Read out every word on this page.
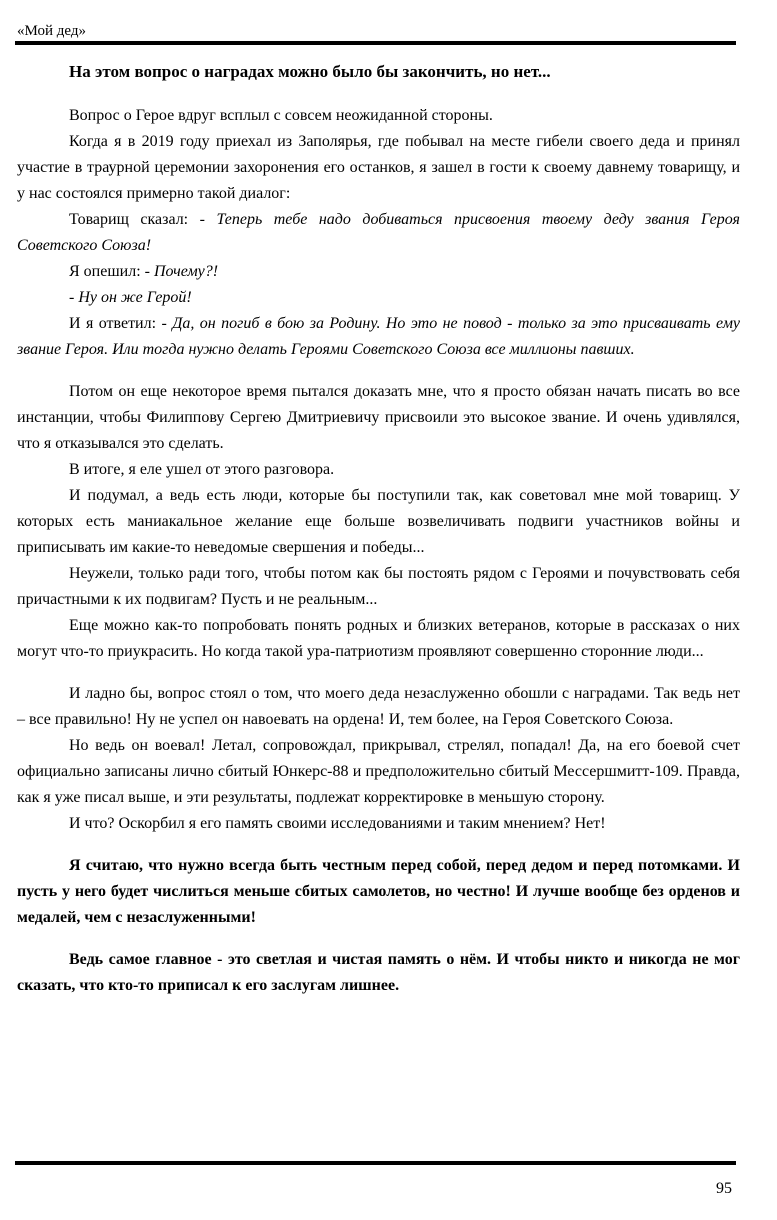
«Мой дед»

На этом вопрос о наградах можно было бы закончить, но нет...

Вопрос о Герое вдруг всплыл с совсем неожиданной стороны.

Когда я в 2019 году приехал из Заполярья, где побывал на месте гибели своего деда и принял участие в траурной церемонии захоронения его останков, я зашел в гости к своему давнему товарищу, и у нас состоялся примерно такой диалог:

Товарищ сказал: - Теперь тебе надо добиваться присвоения твоему деду звания Героя Советского Союза!

Я опешил: - Почему?!

- Ну он же Герой!

И я ответил: - Да, он погиб в бою за Родину. Но это не повод - только за это присваивать ему звание Героя. Или тогда нужно делать Героями Советского Союза все миллионы павших.

Потом он еще некоторое время пытался доказать мне, что я просто обязан начать писать во все инстанции, чтобы Филиппову Сергею Дмитриевичу присвоили это высокое звание. И очень удивлялся, что я отказывался это сделать.

В итоге, я еле ушел от этого разговора.

И подумал, а ведь есть люди, которые бы поступили так, как советовал мне мой товарищ. У которых есть маниакальное желание еще больше возвеличивать подвиги участников войны и приписывать им какие-то неведомые свершения и победы...

Неужели, только ради того, чтобы потом как бы постоять рядом с Героями и почувствовать себя причастными к их подвигам? Пусть и не реальным...

Еще можно как-то попробовать понять родных и близких ветеранов, которые в рассказах о них могут что-то приукрасить. Но когда такой ура-патриотизм проявляют совершенно сторонние люди...

И ладно бы, вопрос стоял о том, что моего деда незаслуженно обошли с наградами. Так ведь нет – все правильно! Ну не успел он навоевать на ордена! И, тем более, на Героя Советского Союза.

Но ведь он воевал! Летал, сопровождал, прикрывал, стрелял, попадал! Да, на его боевой счет официально записаны лично сбитый Юнкерс-88 и предположительно сбитый Мессершмитт-109. Правда, как я уже писал выше, и эти результаты, подлежат корректировке в меньшую сторону.

И что? Оскорбил я его память своими исследованиями и таким мнением? Нет!

Я считаю, что нужно всегда быть честным перед собой, перед дедом и перед потомками. И пусть у него будет числиться меньше сбитых самолетов, но честно! И лучше вообще без орденов и медалей, чем с незаслуженными!

Ведь самое главное - это светлая и чистая память о нём. И чтобы никто и никогда не мог сказать, что кто-то приписал к его заслугам лишнее.

95
